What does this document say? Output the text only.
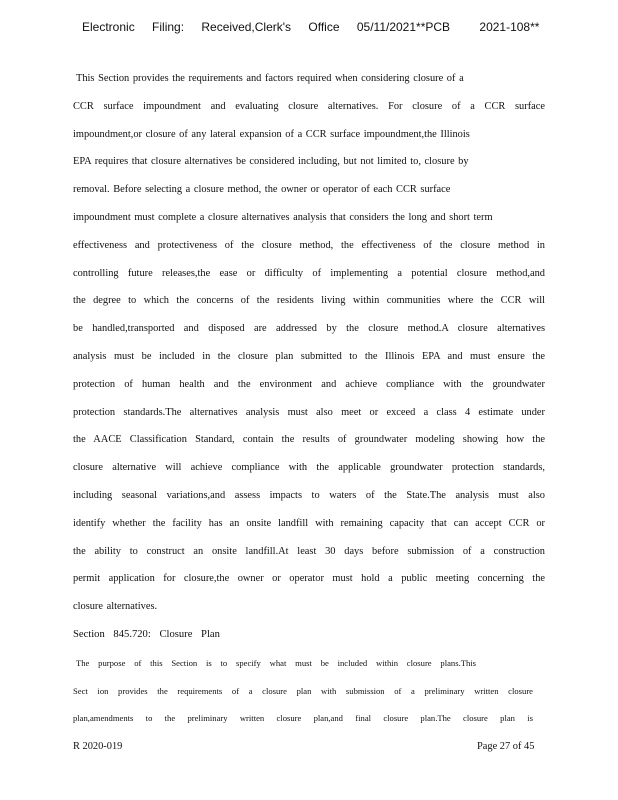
Electronic Filing: Received,Clerk's Office 05/11/2021**PCB 2021-108**
This Section provides the requirements and factors required when considering closure of a
CCR surface impoundment and evaluating closure alternatives. For closure of a CCR surface
impoundment,or closure of any lateral expansion of a CCR surface impoundment,the Illinois
EPA requires that closure alternatives be considered including, but not limited to, closure by
removal. Before selecting a closure method, the owner or operator of each CCR surface
impoundment must complete a closure alternatives analysis that considers the long and short term
effectiveness and protectiveness of the closure method, the effectiveness of the closure method in
controlling future releases,the ease or difficulty of implementing a potential closure method,and
the degree to which the concerns of the residents living within communities where the CCR will
be handled,transported and disposed are addressed by the closure method.A closure alternatives
analysis must be included in the closure plan submitted to the Illinois EPA and must ensure the
protection of human health and the environment and achieve compliance with the groundwater
protection standards.The alternatives analysis must also meet or exceed a class 4 estimate under
the AACE Classification Standard, contain the results of groundwater modeling showing how the
closure alternative will achieve compliance with the applicable groundwater protection standards,
including seasonal variations,and assess impacts to waters of the State.The analysis must also
identify whether the facility has an onsite landfill with remaining capacity that can accept CCR or
the ability to construct an onsite landfill.At least 30 days before submission of a construction
permit application for closure,the owner or operator must hold a public meeting concerning the
closure alternatives.
Section 845.720: Closure Plan
The purpose of this Section is to specify what must be included within closure plans.This
Sect ion provides the requirements of a closure plan with submission of a preliminary written closure
plan,amendments to the preliminary written closure plan,and final closure plan.The closure plan is
R 2020-019	Page 27 of 45
